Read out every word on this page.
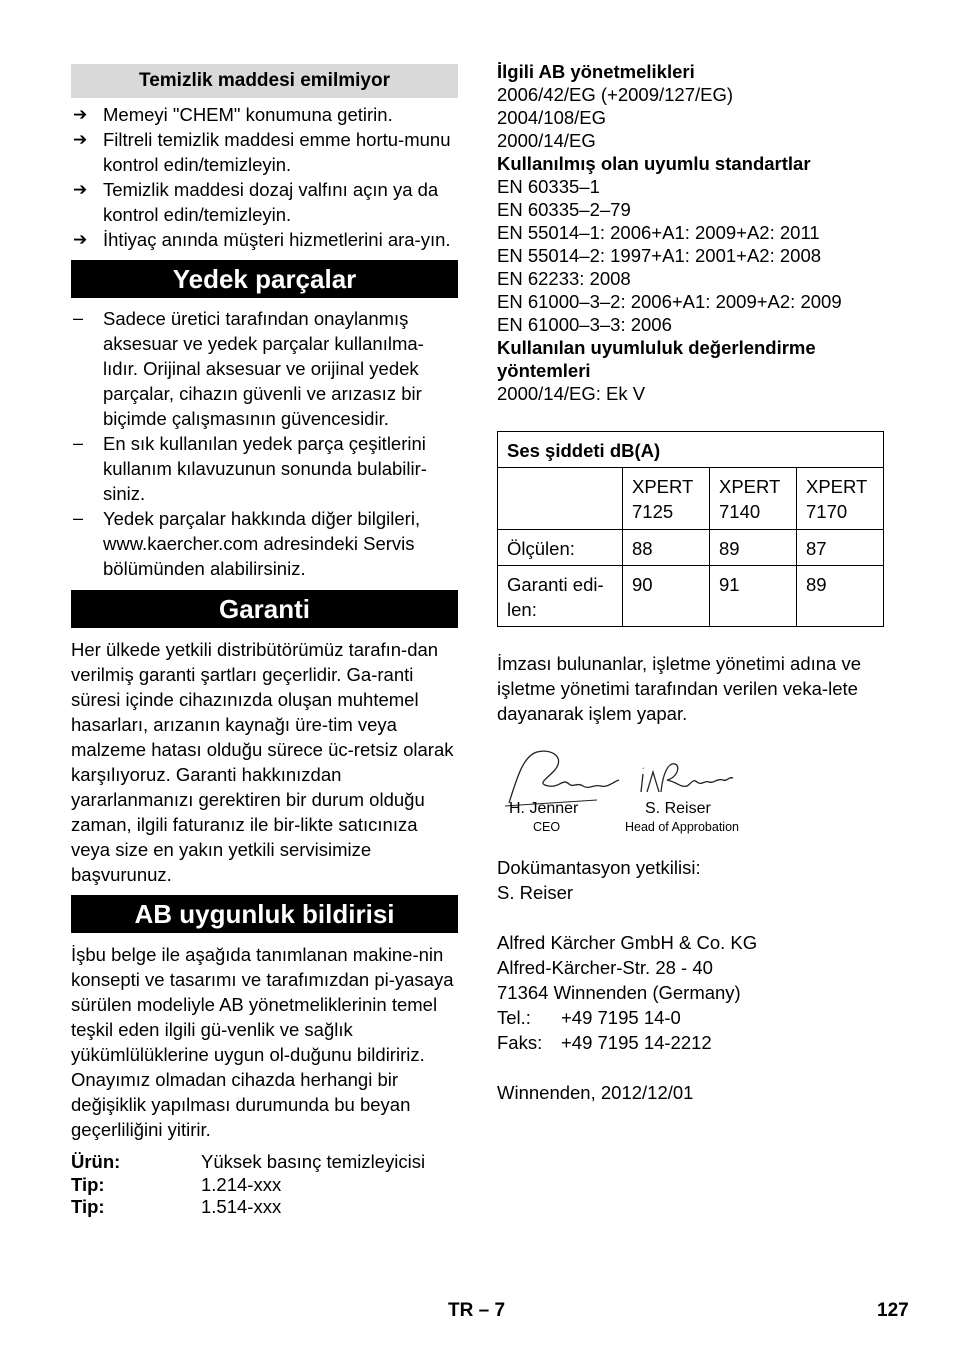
Temizlik maddesi emilmiyor
➔ Memeyi "CHEM" konumuna getirin.
➔ Filtreli temizlik maddesi emme hortu-munu kontrol edin/temizleyin.
➔ Temizlik maddesi dozaj valfını açın ya da kontrol edin/temizleyin.
➔ İhtiyaç anında müşteri hizmetlerini ara-yın.
Yedek parçalar
– Sadece üretici tarafından onaylanmış aksesuar ve yedek parçalar kullanılma-lıdır. Orijinal aksesuar ve orijinal yedek parçalar, cihazın güvenli ve arızasız bir biçimde çalışmasının güvencesidir.
– En sık kullanılan yedek parça çeşitlerini kullanım kılavuzunun sonunda bulabilir-siniz.
– Yedek parçalar hakkında diğer bilgileri, www.kaercher.com adresindeki Servis bölümünden alabilirsiniz.
Garanti

Her ülkede yetkili distribütörümüz tarafın-dan verilmiş garanti şartları geçerlidir. Ga-ranti süresi içinde cihazınızda oluşan muhtemel hasarları, arızanın kaynağı üre-tim veya malzeme hatası olduğu sürece üc-retsiz olarak karşılıyoruz. Garanti hakkınızdan yararlanmanızı gerektiren bir durum olduğu zaman, ilgili faturanız ile bir-likte satıcınıza veya size en yakın yetkili servisimize başvurunuz.

AB uygunluk bildirisi

İşbu belge ile aşağıda tanımlanan makine-nin konsepti ve tasarımı ve tarafımızdan pi-yasaya sürülen modeliyle AB yönetmeliklerinin temel teşkil eden ilgili gü-venlik ve sağlık yükümlülüklerine uygun ol-duğunu bildiririz. Onayımız olmadan cihazda herhangi bir değişiklik yapılması durumunda bu beyan geçerliliğini yitirir.

Ürün:	Yüksek basınç temizleyicisi
Tip:	1.214-xxx
Tip:	1.514-xxx
İlgili AB yönetmelikleri
2006/42/EG (+2009/127/EG)
2004/108/EG
2000/14/EG
Kullanılmış olan uyumlu standartlar
EN 60335–1
EN 60335–2–79
EN 55014–1: 2006+A1: 2009+A2: 2011
EN 55014–2: 1997+A1: 2001+A2: 2008
EN 62233: 2008
EN 61000–3–2: 2006+A1: 2009+A2: 2009
EN 61000–3–3: 2006
Kullanılan uyumluluk değerlendirme yöntemleri
2000/14/EG: Ek V
Ses şiddeti dB(A)			
	XPERT 7125	XPERT 7140	XPERT 7170
Ölçülen:	88	89	87
Garanti edi-len:	90	91	89

İmzası bulunanlar, işletme yönetimi adına ve işletme yönetimi tarafından verilen veka-lete dayanarak işlem yapar.

H. Jenner
CEO
S. Reiser
Head of Approbation
Dokümantasyon yetkilisi:
S. Reiser
Alfred Kärcher GmbH & Co. KG
Alfred-Kärcher-Str. 28 - 40
71364 Winnenden (Germany)
Tel.: +49 7195 14-0
Faks: +49 7195 14-2212
Winnenden, 2012/12/01
TR – 7	127
